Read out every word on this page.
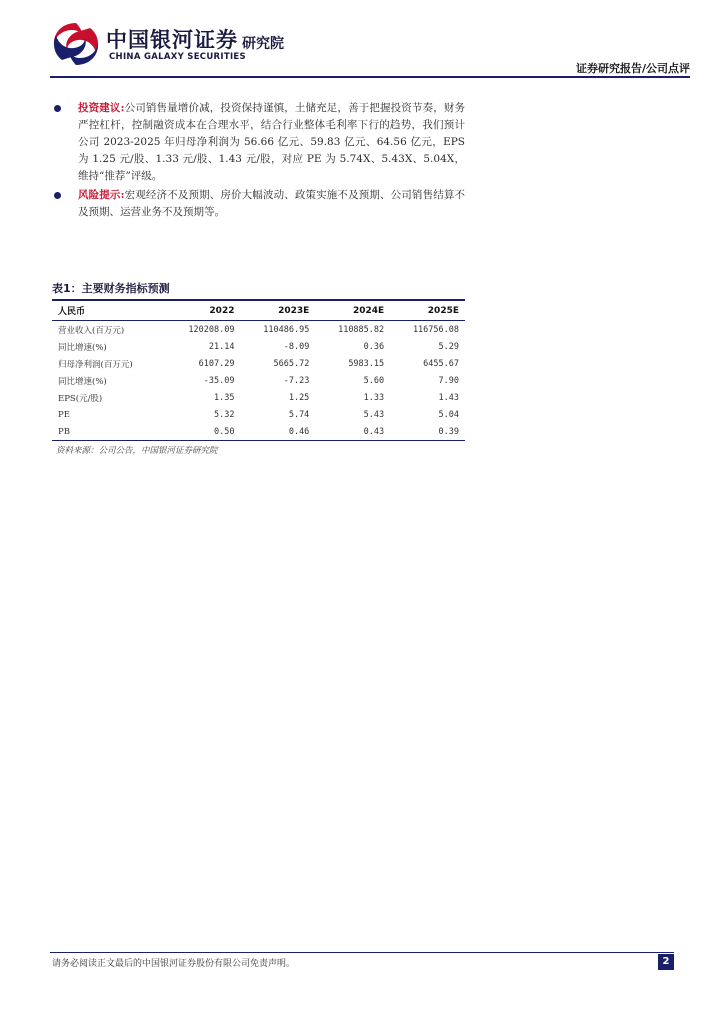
中国银河证券 研究院
CHINA GALAXY SECURITIES
证券研究报告/公司点评
投资建议:公司销售量增价减，投资保持谨慎，土储充足，善于把握投资节奏，财务严控杠杆，控制融资成本在合理水平，结合行业整体毛利率下行的趋势，我们预计公司 2023-2025 年归母净利润为 56.66 亿元、59.83 亿元、64.56 亿元，EPS 为 1.25 元/股、1.33 元/股、1.43 元/股，对应 PE 为 5.74X、5.43X、5.04X，维持“推荐”评级。
风险提示:宏观经济不及预期、房价大幅波动、政策实施不及预期、公司销售结算不及预期、运营业务不及预期等。
表1：主要财务指标预测
人民币	2022	2023E	2024E	2025E
营业收入(百万元)	120208.09	110486.95	110885.82	116756.08
同比增速(%)	21.14	-8.09	0.36	5.29
归母净利润(百万元)	6107.29	5665.72	5983.15	6455.67
同比增速(%)	-35.09	-7.23	5.60	7.90
EPS(元/股)	1.35	1.25	1.33	1.43
PE	5.32	5.74	5.43	5.04
PB	0.50	0.46	0.43	0.39
资料来源：公司公告，中国银河证券研究院
请务必阅读正文最后的中国银河证券股份有限公司免责声明。	2
